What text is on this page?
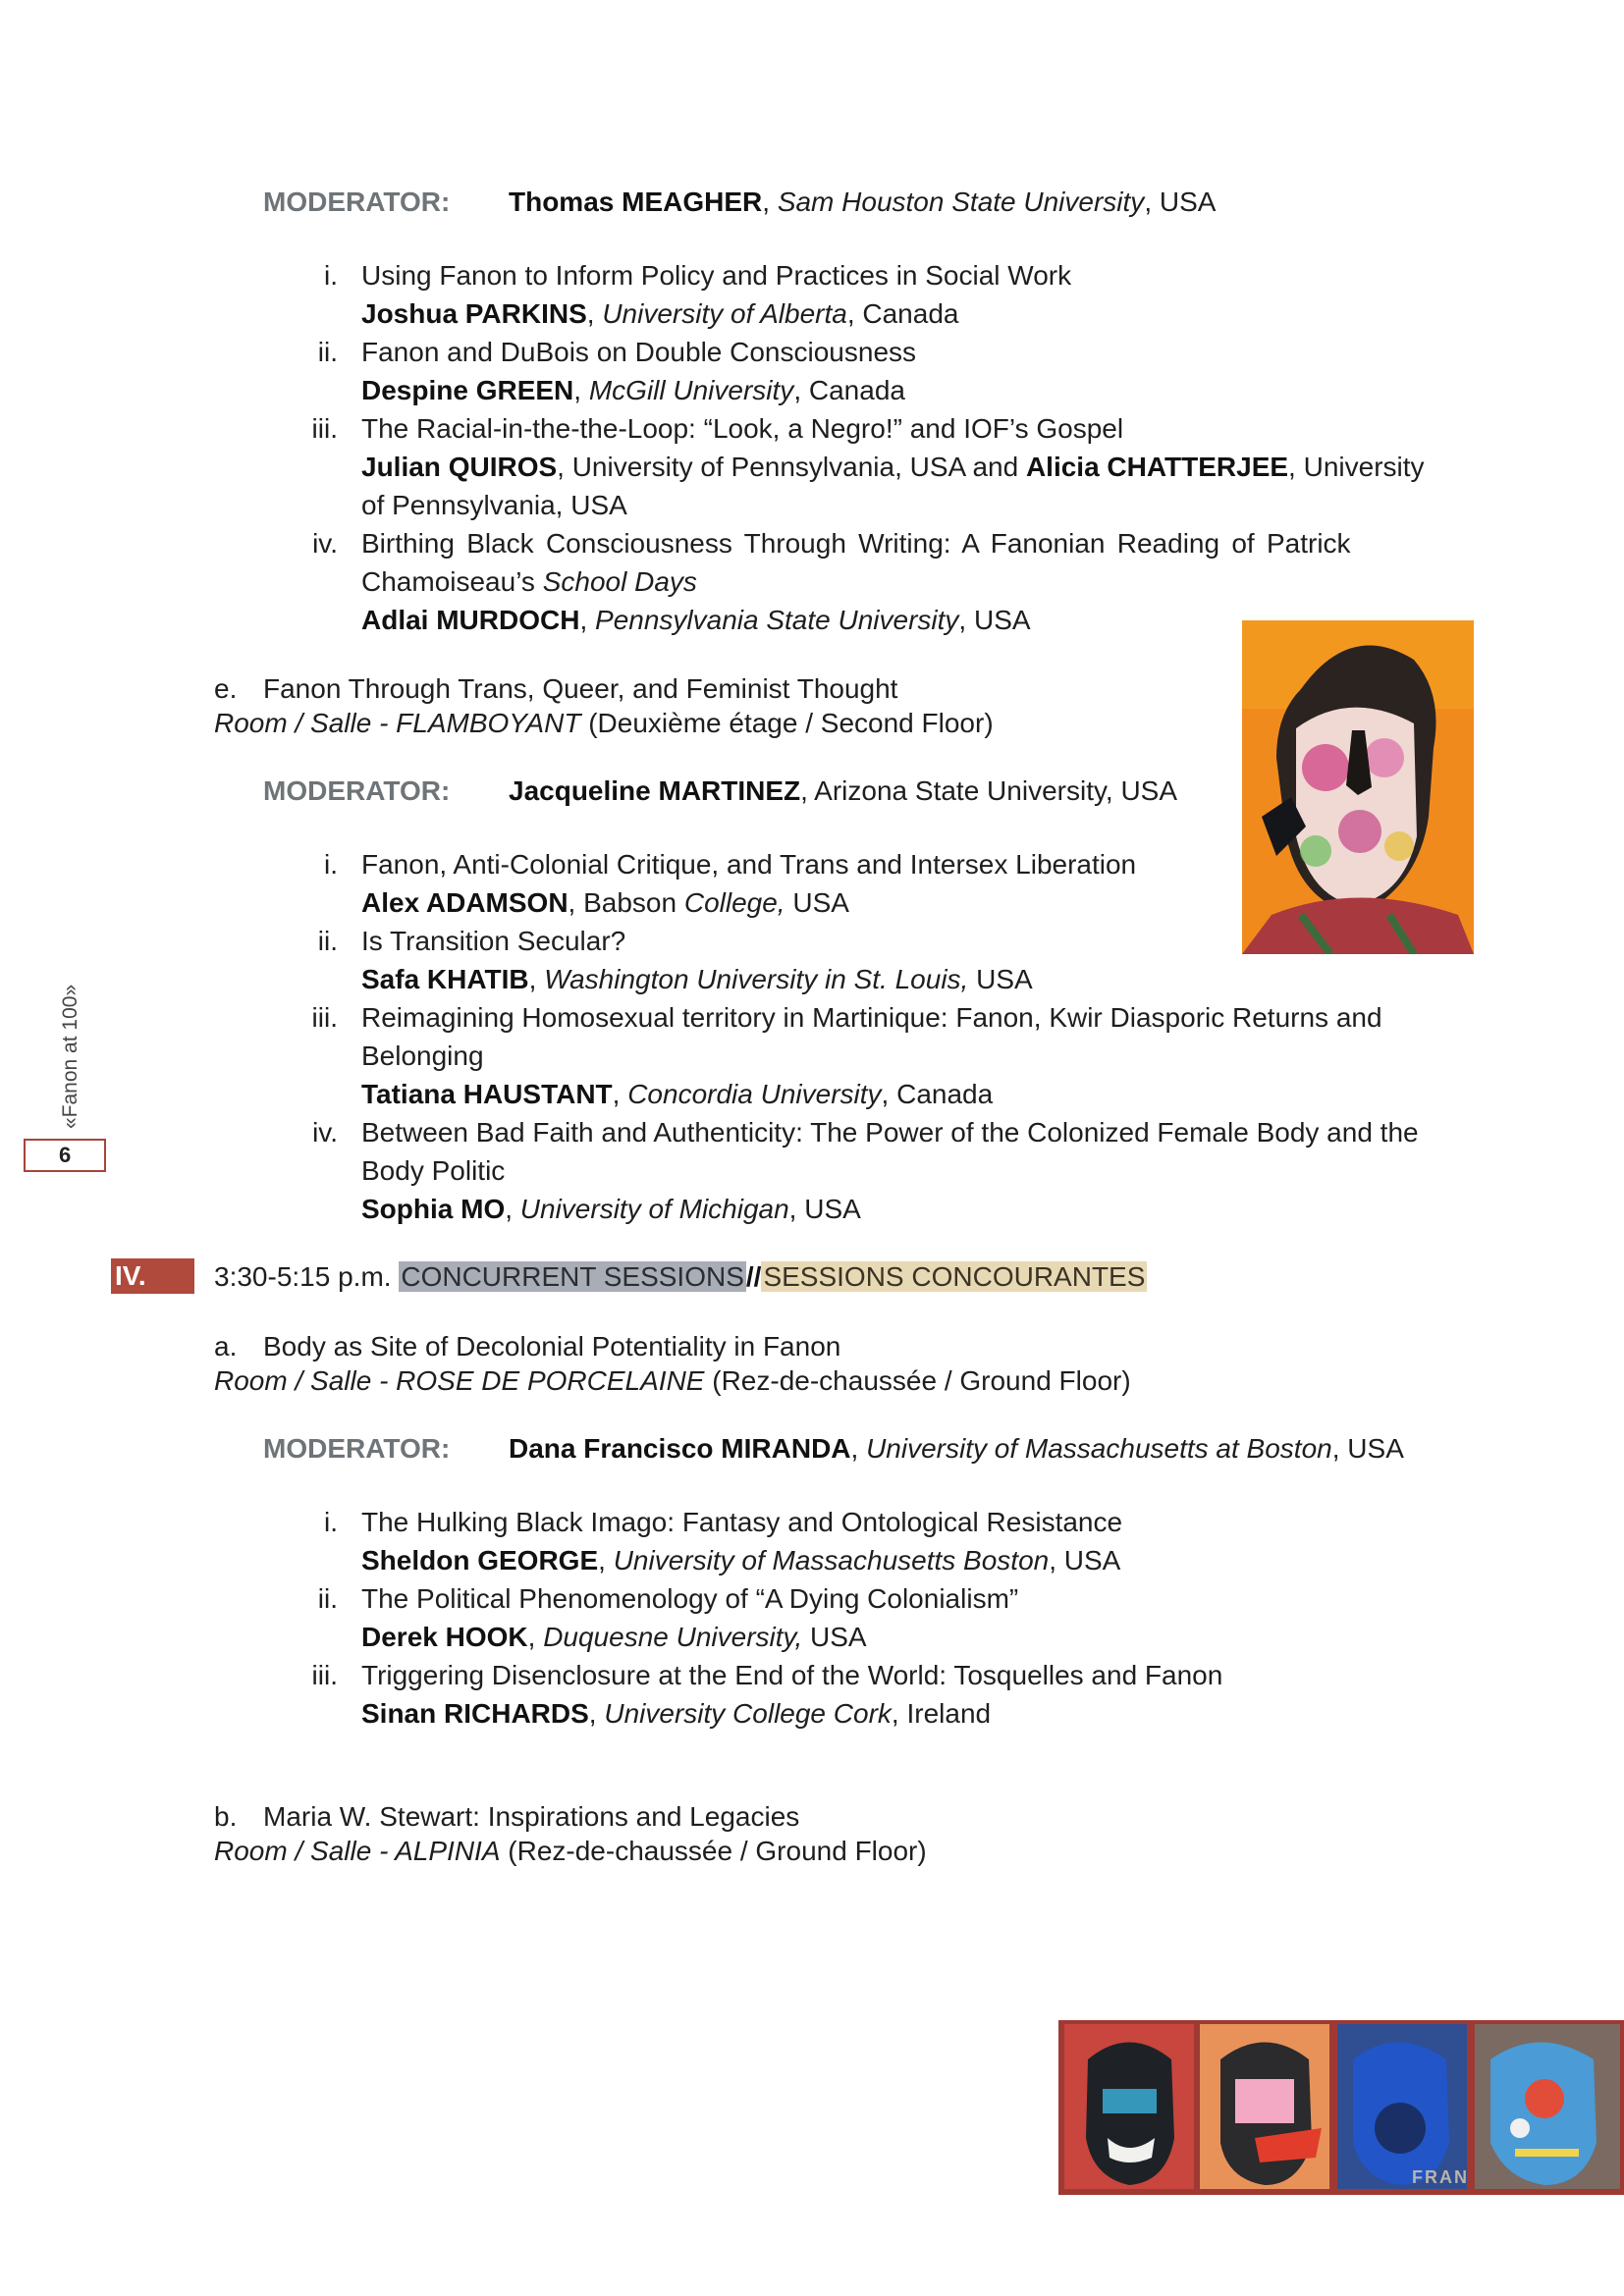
«Fanon at 100»
6
MODERATOR: Thomas MEAGHER, Sam Houston State University, USA
i. Using Fanon to Inform Policy and Practices in Social Work
Joshua PARKINS, University of Alberta, Canada
ii. Fanon and DuBois on Double Consciousness
Despine GREEN, McGill University, Canada
iii. The Racial-in-the-the-Loop: “Look, a Negro!” and IOF’s Gospel
Julian QUIROS, University of Pennsylvania, USA and Alicia CHATTERJEE, University
of Pennsylvania, USA
iv. Birthing Black Consciousness Through Writing: A Fanonian Reading of Patrick
Chamoiseau’s School Days
Adlai MURDOCH, Pennsylvania State University, USA
e. Fanon Through Trans, Queer, and Feminist Thought
Room / Salle - FLAMBOYANT (Deuxième étage / Second Floor)
MODERATOR: Jacqueline MARTINEZ, Arizona State University, USA
i. Fanon, Anti-Colonial Critique, and Trans and Intersex Liberation
Alex ADAMSON, Babson College, USA
ii. Is Transition Secular?
Safa KHATIB, Washington University in St. Louis, USA
iii. Reimagining Homosexual territory in Martinique: Fanon, Kwir Diasporic Returns and
Belonging
Tatiana HAUSTANT, Concordia University, Canada
iv. Between Bad Faith and Authenticity: The Power of the Colonized Female Body and the
Body Politic
Sophia MO, University of Michigan, USA
IV.	3:30-5:15 p.m. CONCURRENT SESSIONS//SESSIONS CONCOURANTES
a. Body as Site of Decolonial Potentiality in Fanon
Room / Salle - ROSE DE PORCELAINE (Rez-de-chaussée / Ground Floor)
MODERATOR: Dana Francisco MIRANDA, University of Massachusetts at Boston, USA
i. The Hulking Black Imago: Fantasy and Ontological Resistance
Sheldon GEORGE, University of Massachusetts Boston, USA
ii. The Political Phenomenology of “A Dying Colonialism”
Derek HOOK, Duquesne University, USA
iii. Triggering Disenclosure at the End of the World: Tosquelles and Fanon
Sinan RICHARDS, University College Cork, Ireland
b. Maria W. Stewart: Inspirations and Legacies
Room / Salle - ALPINIA (Rez-de-chaussée / Ground Floor)
FRAN
